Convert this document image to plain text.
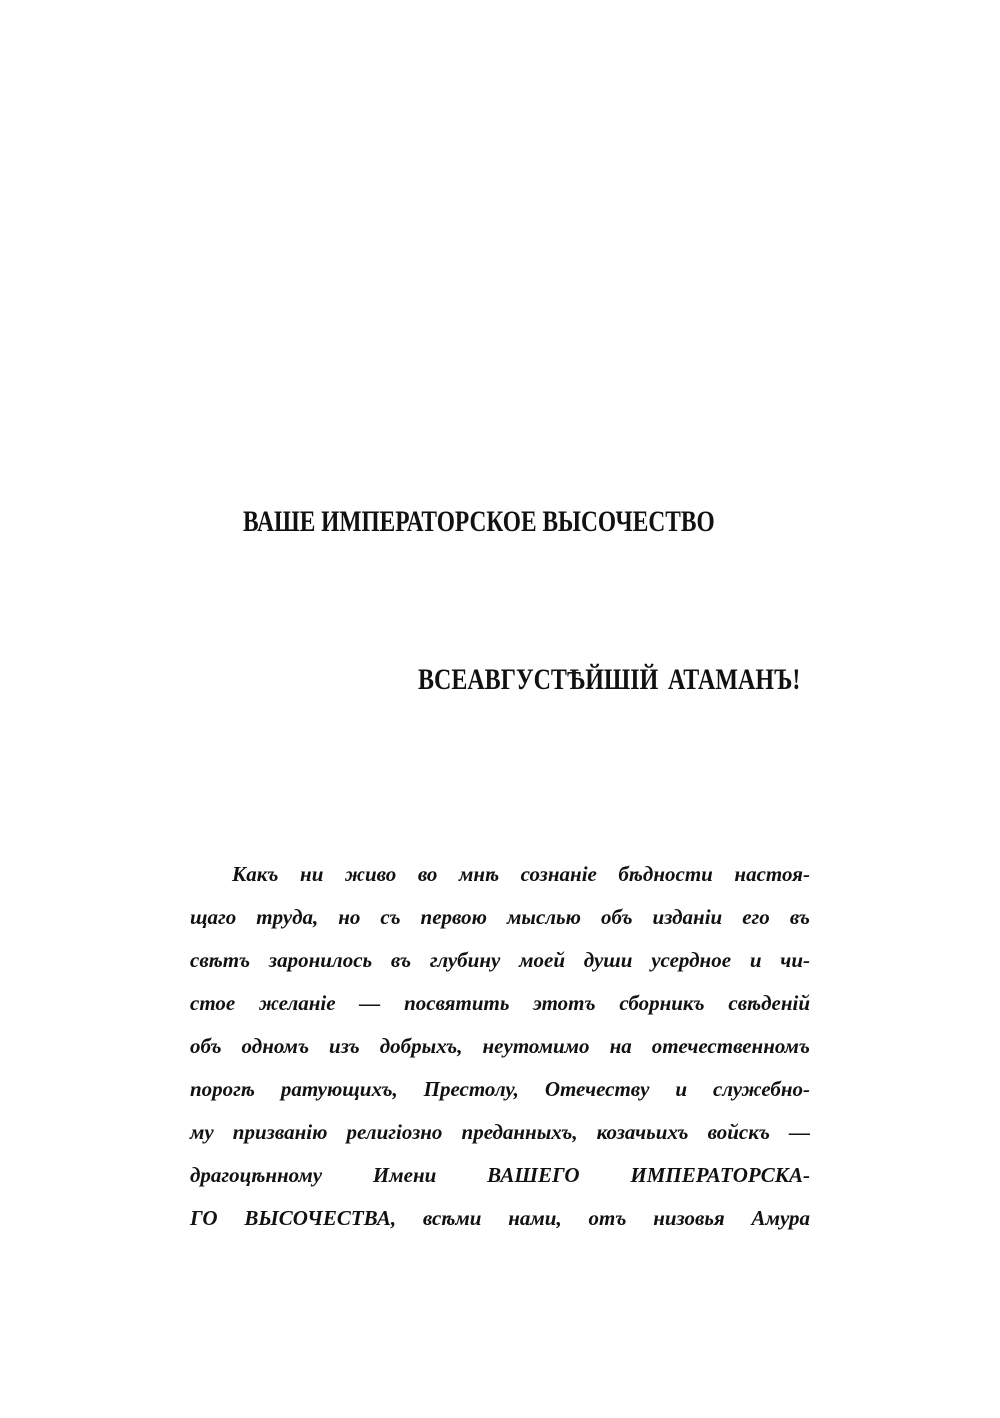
ВАШЕ ИМПЕРАТОРСКОЕ ВЫСОЧЕСТВО
ВСЕАВГУСТѢЙШІЙ АТАМАНЪ!
Какъ ни живо во мнѣ сознаніе бѣдности настоя-
щаго труда, но съ первою мыслью объ изданіи его въ
свѣтъ заронилось въ глубину моей души усердное и чи-
стое желаніе — посвятить этотъ сборникъ свѣденій
объ одномъ изъ добрыхъ, неутомимо на отечественномъ
порогѣ ратующихъ, Престолу, Отечеству и служебно-
му призванію религіозно преданныхъ, козачьихъ войскъ —
драгоцѣнному Имени ВАШЕГО ИМПЕРАТОРСКА-
ГО ВЫСОЧЕСТВА, всѣми нами, отъ низовья Амура
